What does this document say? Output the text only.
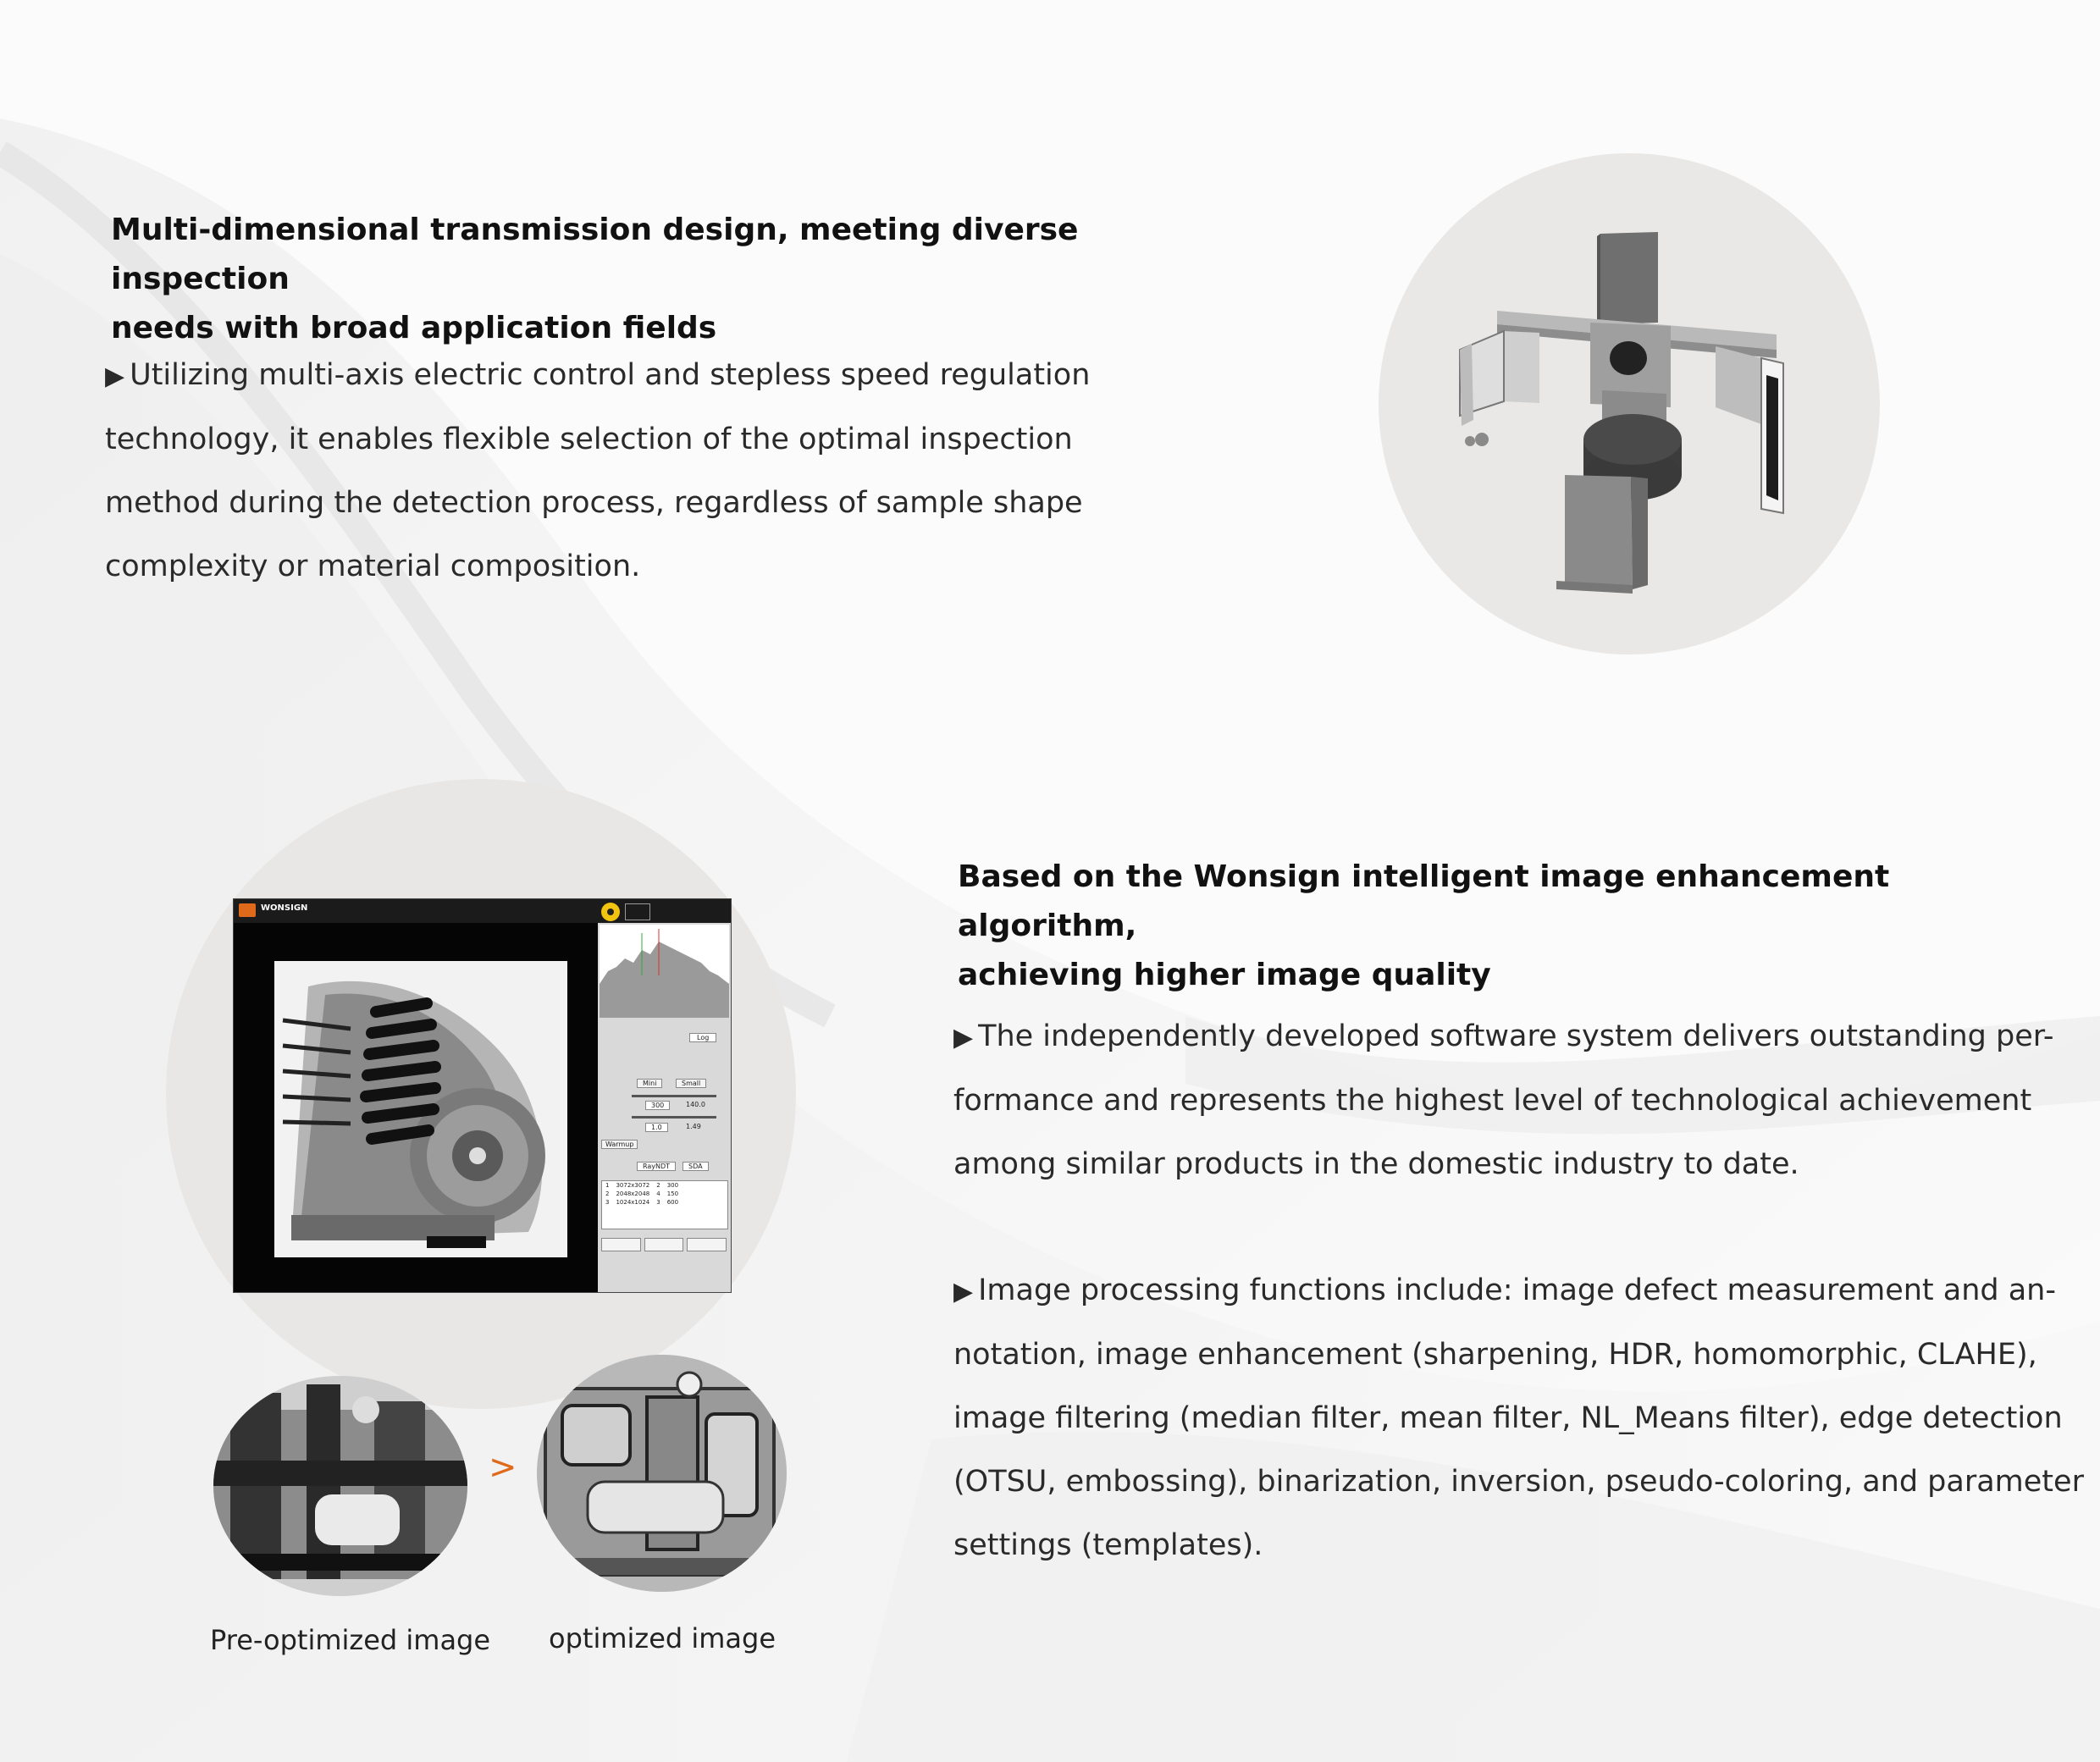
Multi-dimensional transmission design, meeting diverse inspection
needs with broad application fields
▶ Utilizing multi-axis electric control and stepless speed regulation
technology, it enables flexible selection of the optimal inspection
method during the detection process, regardless of sample shape
complexity or material composition.
WONSIGN
Log
Mini	Small
300	140.0
1.0	1.49
Warmup
RayNDT	SDA
1 3072x3072 2 300
2 2048x2048 4 150
3 1024x1024 3 600
>
Pre-optimized image optimized image
Based on the Wonsign intelligent image enhancement algorithm,
achieving higher image quality
▶ The independently developed software system delivers outstanding per-
formance and represents the highest level of technological achievement
among similar products in the domestic industry to date.
▶ Image processing functions include: image defect measurement and an-
notation, image enhancement (sharpening, HDR, homomorphic, CLAHE),
image filtering (median filter, mean filter, NL_Means filter), edge detection
(OTSU, embossing), binarization, inversion, pseudo-coloring, and parameter
settings (templates).
